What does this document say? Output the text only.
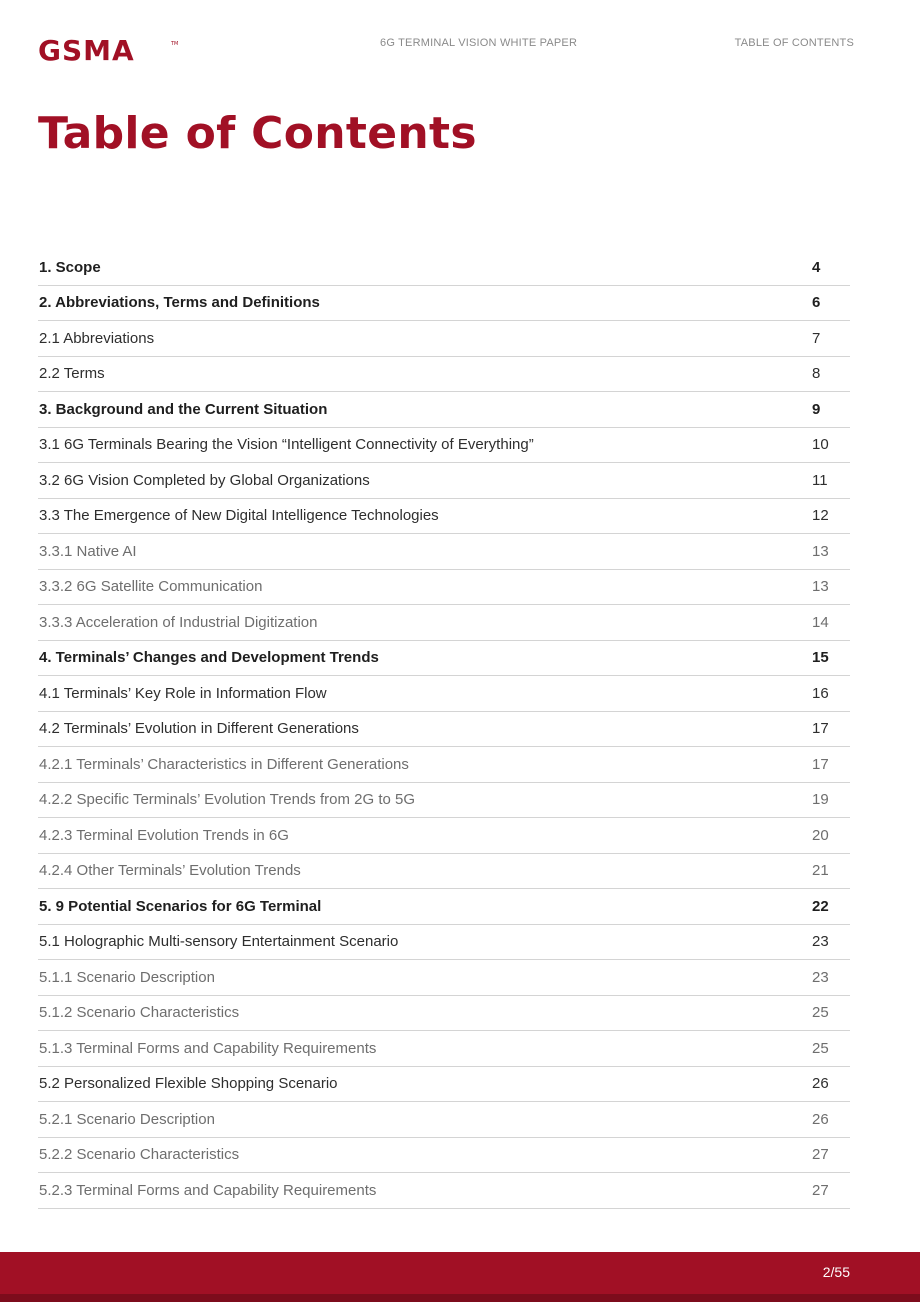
GSMA	TM	6G TERMINAL VISION WHITE PAPER	TABLE OF CONTENTS
Table of Contents
1. Scope	4
2. Abbreviations, Terms and Definitions	6
2.1 Abbreviations	7
2.2 Terms	8
3. Background and the Current Situation	9
3.1 6G Terminals Bearing the Vision “Intelligent Connectivity of Everything”	10
3.2 6G Vision Completed by Global Organizations	11
3.3 The Emergence of New Digital Intelligence Technologies	12
3.3.1 Native AI	13
3.3.2 6G Satellite Communication	13
3.3.3 Acceleration of Industrial Digitization	14
4. Terminals’ Changes and Development Trends	15
4.1 Terminals’ Key Role in Information Flow	16
4.2 Terminals’ Evolution in Different Generations	17
4.2.1 Terminals’ Characteristics in Different Generations	17
4.2.2 Specific Terminals’ Evolution Trends from 2G to 5G	19
4.2.3 Terminal Evolution Trends in 6G	20
4.2.4 Other Terminals’ Evolution Trends	21
5. 9 Potential Scenarios for 6G Terminal	22
5.1 Holographic Multi-sensory Entertainment Scenario	23
5.1.1 Scenario Description	23
5.1.2 Scenario Characteristics	25
5.1.3 Terminal Forms and Capability Requirements	25
5.2 Personalized Flexible Shopping Scenario	26
5.2.1 Scenario Description	26
5.2.2 Scenario Characteristics	27
5.2.3 Terminal Forms and Capability Requirements	27
2/55
